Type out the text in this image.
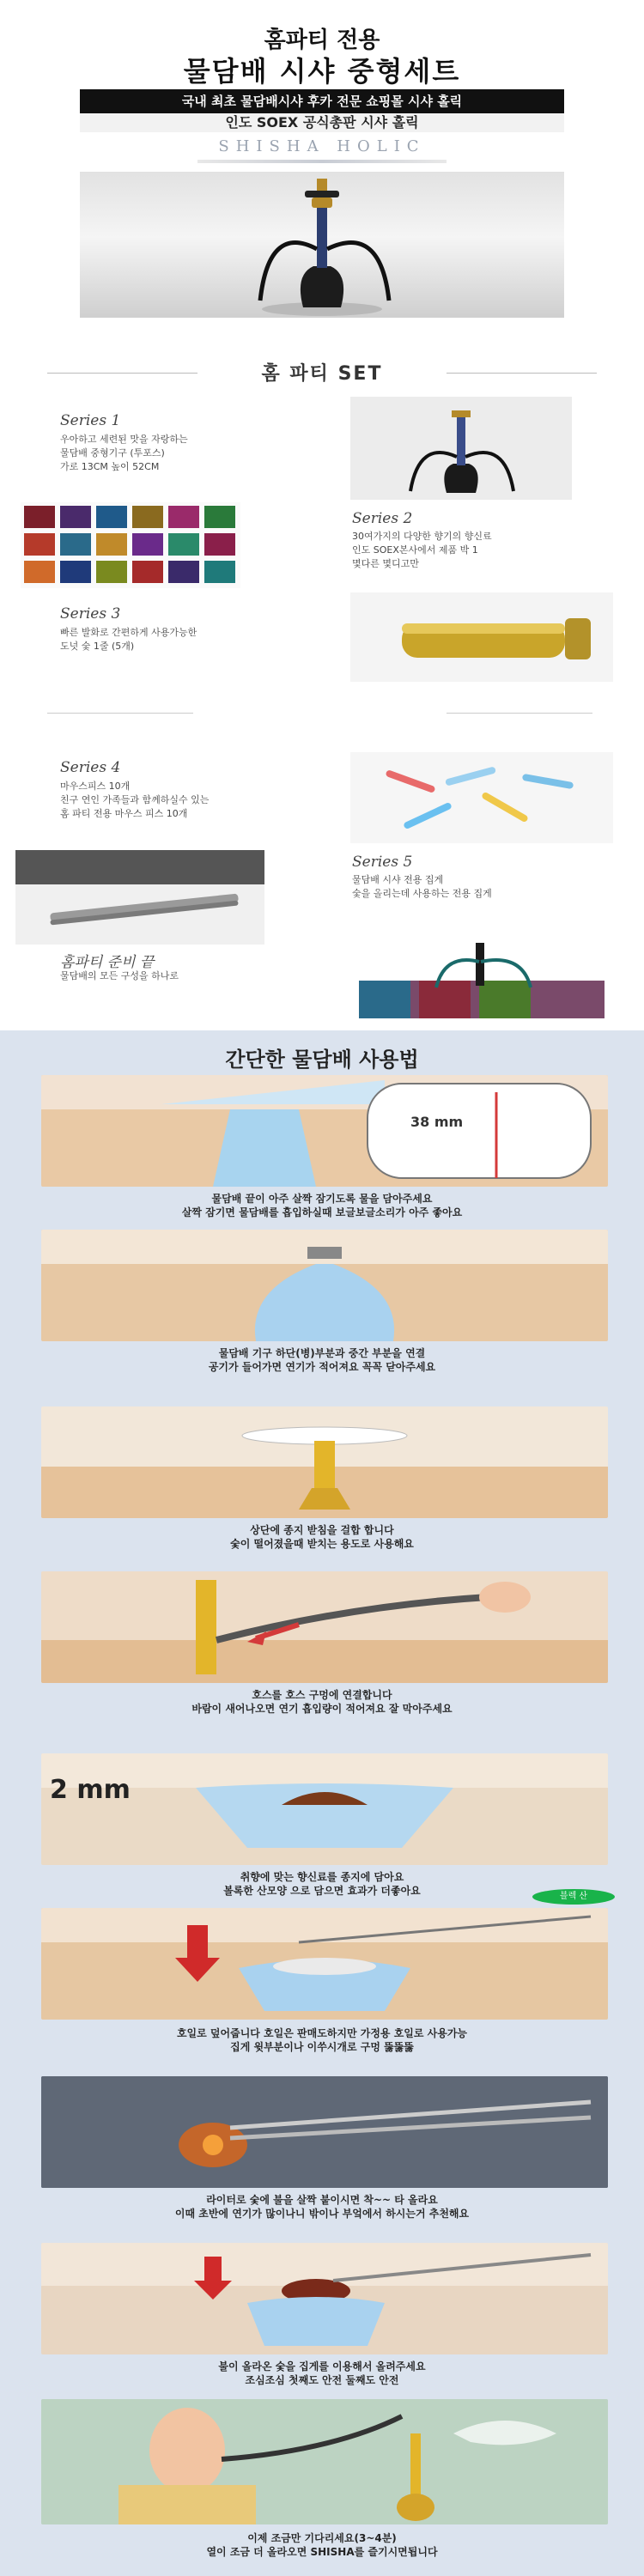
홈파티 전용
물담배 시샤 중형세트
국내 최초 물담배시샤 후카 전문 쇼핑몰 시샤 홀릭
인도 SOEX 공식총판 시샤 홀릭
SHISHA HOLIC
홈 파티 SET
Series 1
우아하고 세련된 맛을 자랑하는
물담배 중형기구 (투포스)
가로 13CM 높이 52CM
Series 2
30여가지의 다양한 향기의 향신료
인도 SOEX본사에서 제품 박 1
몇다른 몇디고만
Series 3
빠른 발화로 간편하게 사용가능한
도넛 숯 1줄 (5개)
Series 4
마우스피스 10개
친구 연인 가족들과 함께하실수 있는
홈 파티 전용 마우스 피스 10개
Series 5
물담배 시샤 전용 집게
숯을 올리는데 사용하는 전용 집게
홈파티 준비 끝
물담배의 모든 구성을 하나로
간단한 물담배 사용법
38 mm
물담배 끝이 아주 살짝 잠기도록 물을 담아주세요
살짝 잠기면 물담배를 흡입하실때 보글보글소리가 아주 좋아요
물담배 기구 하단(병)부분과 중간 부분을 연결
공기가 들어가면 연기가 적어져요 꼭꼭 닫아주세요
상단에 종지 받침을 걸합 합니다
숯이 떨어졌을때 받치는 용도로 사용해요
호스를 호스 구멍에 연결합니다
바람이 새어나오면 연기 흡입량이 적어져요 잘 막아주세요
2 mm
취향에 맞는 향신료를 종지에 담아요
볼록한 산모양 으로 담으면 효과가 더좋아요	블렉 산
호일로 덮어줍니다 호일은 판매도하지만 가정용 호일로 사용가능
집게 윗부분이나 이쑤시개로 구멍 뚫뚫뚫
라이터로 숯에 불을 살짝 붙이시면 착~~ 타 올라요
이때 초반에 연기가 많이나니 밖이나 부엌에서 하시는거 추천해요
불이 올라온 숯을 집게를 이용해서 올려주세요
조심조심 첫째도 안전 둘째도 안전
이제 조금만 기다리세요(3~4분)
열이 조금 더 올라오면 SHISHA를 즐기시면됩니다
